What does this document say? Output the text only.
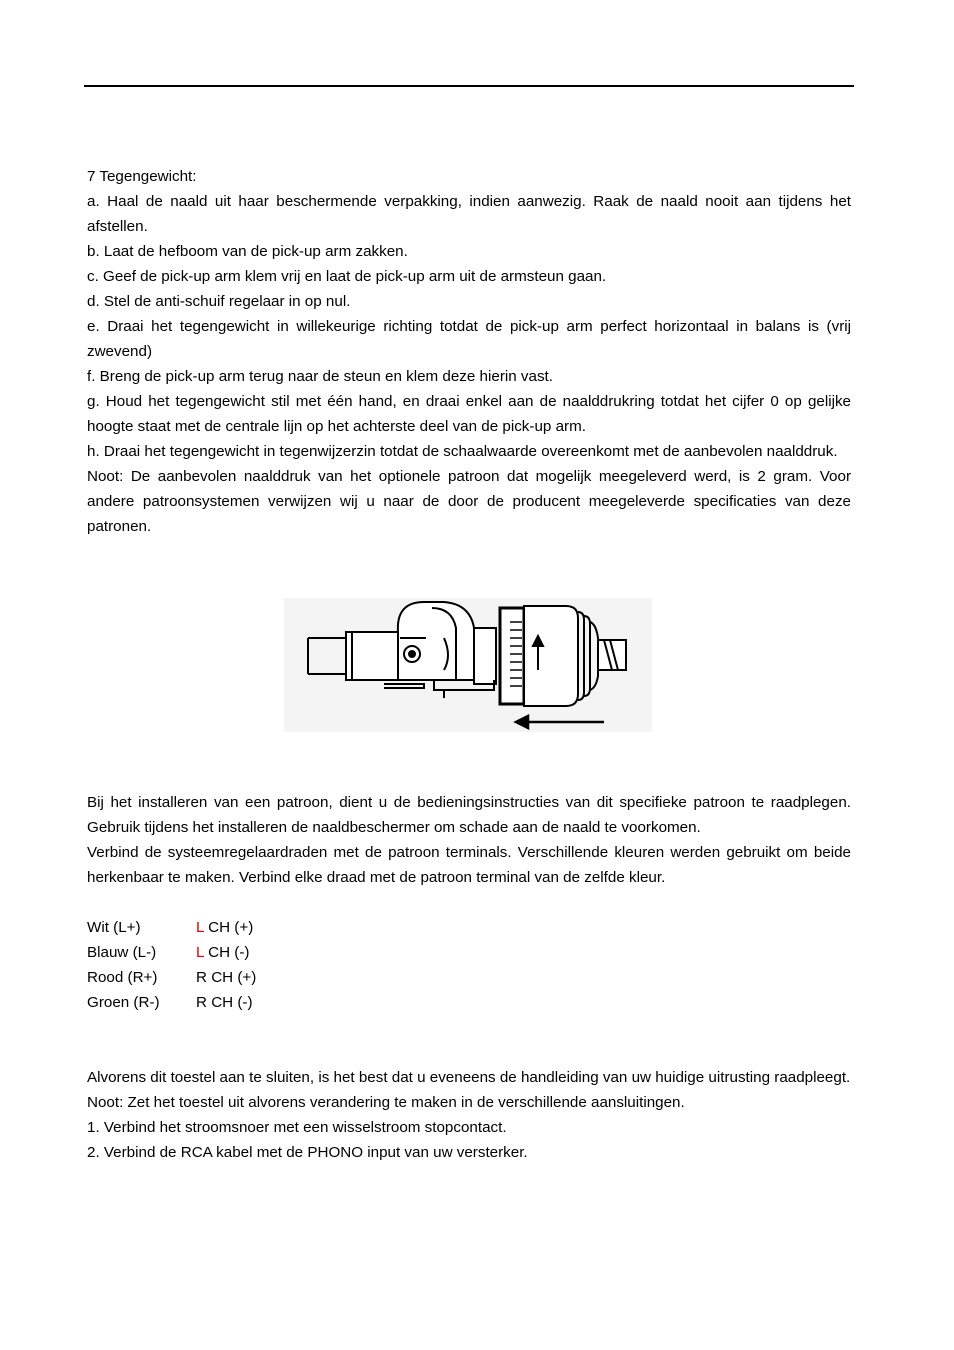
7 Tegengewicht:

a. Haal de naald uit haar beschermende verpakking, indien aanwezig. Raak de naald nooit aan tijdens het afstellen.

b. Laat de hefboom van de pick-up arm zakken.

c. Geef de pick-up arm klem vrij en laat de pick-up arm uit de armsteun gaan.

d. Stel de anti-schuif regelaar in op nul.

e. Draai het tegengewicht in willekeurige richting totdat de pick-up arm perfect horizontaal in balans is (vrij zwevend)

f. Breng de pick-up arm terug naar de steun en klem deze hierin vast.

g. Houd het tegengewicht stil met één hand, en draai enkel aan de naalddrukring totdat het cijfer 0 op gelijke hoogte staat met de centrale lijn op het achterste deel van de pick-up arm.

h. Draai het tegengewicht in tegenwijzerzin totdat de schaalwaarde overeenkomt met de aanbevolen naalddruk.

Noot: De aanbevolen naalddruk van het optionele patroon dat mogelijk meegeleverd werd, is 2 gram. Voor andere patroonsystemen verwijzen wij u naar de door de producent meegeleverde specificaties van deze patronen.

Bij het installeren van een patroon, dient u de bedieningsinstructies van dit specifieke patroon te raadplegen. Gebruik tijdens het installeren de naaldbeschermer om schade aan de naald te voorkomen.

Verbind de systeemregelaardraden met de patroon terminals. Verschillende kleuren werden gebruikt om beide herkenbaar te maken. Verbind elke draad met de patroon terminal van de zelfde kleur.

Wit (L+)	L CH (+)
Blauw (L-)	L CH (-)
Rood (R+)	R CH (+)
Groen (R-)	R CH (-)

Alvorens dit toestel aan te sluiten, is het best dat u eveneens de handleiding van uw huidige uitrusting raadpleegt.

Noot: Zet het toestel uit alvorens verandering te maken in de verschillende aansluitingen.

1. Verbind het stroomsnoer met een wisselstroom stopcontact.

2. Verbind de RCA kabel met de PHONO input van uw versterker.
